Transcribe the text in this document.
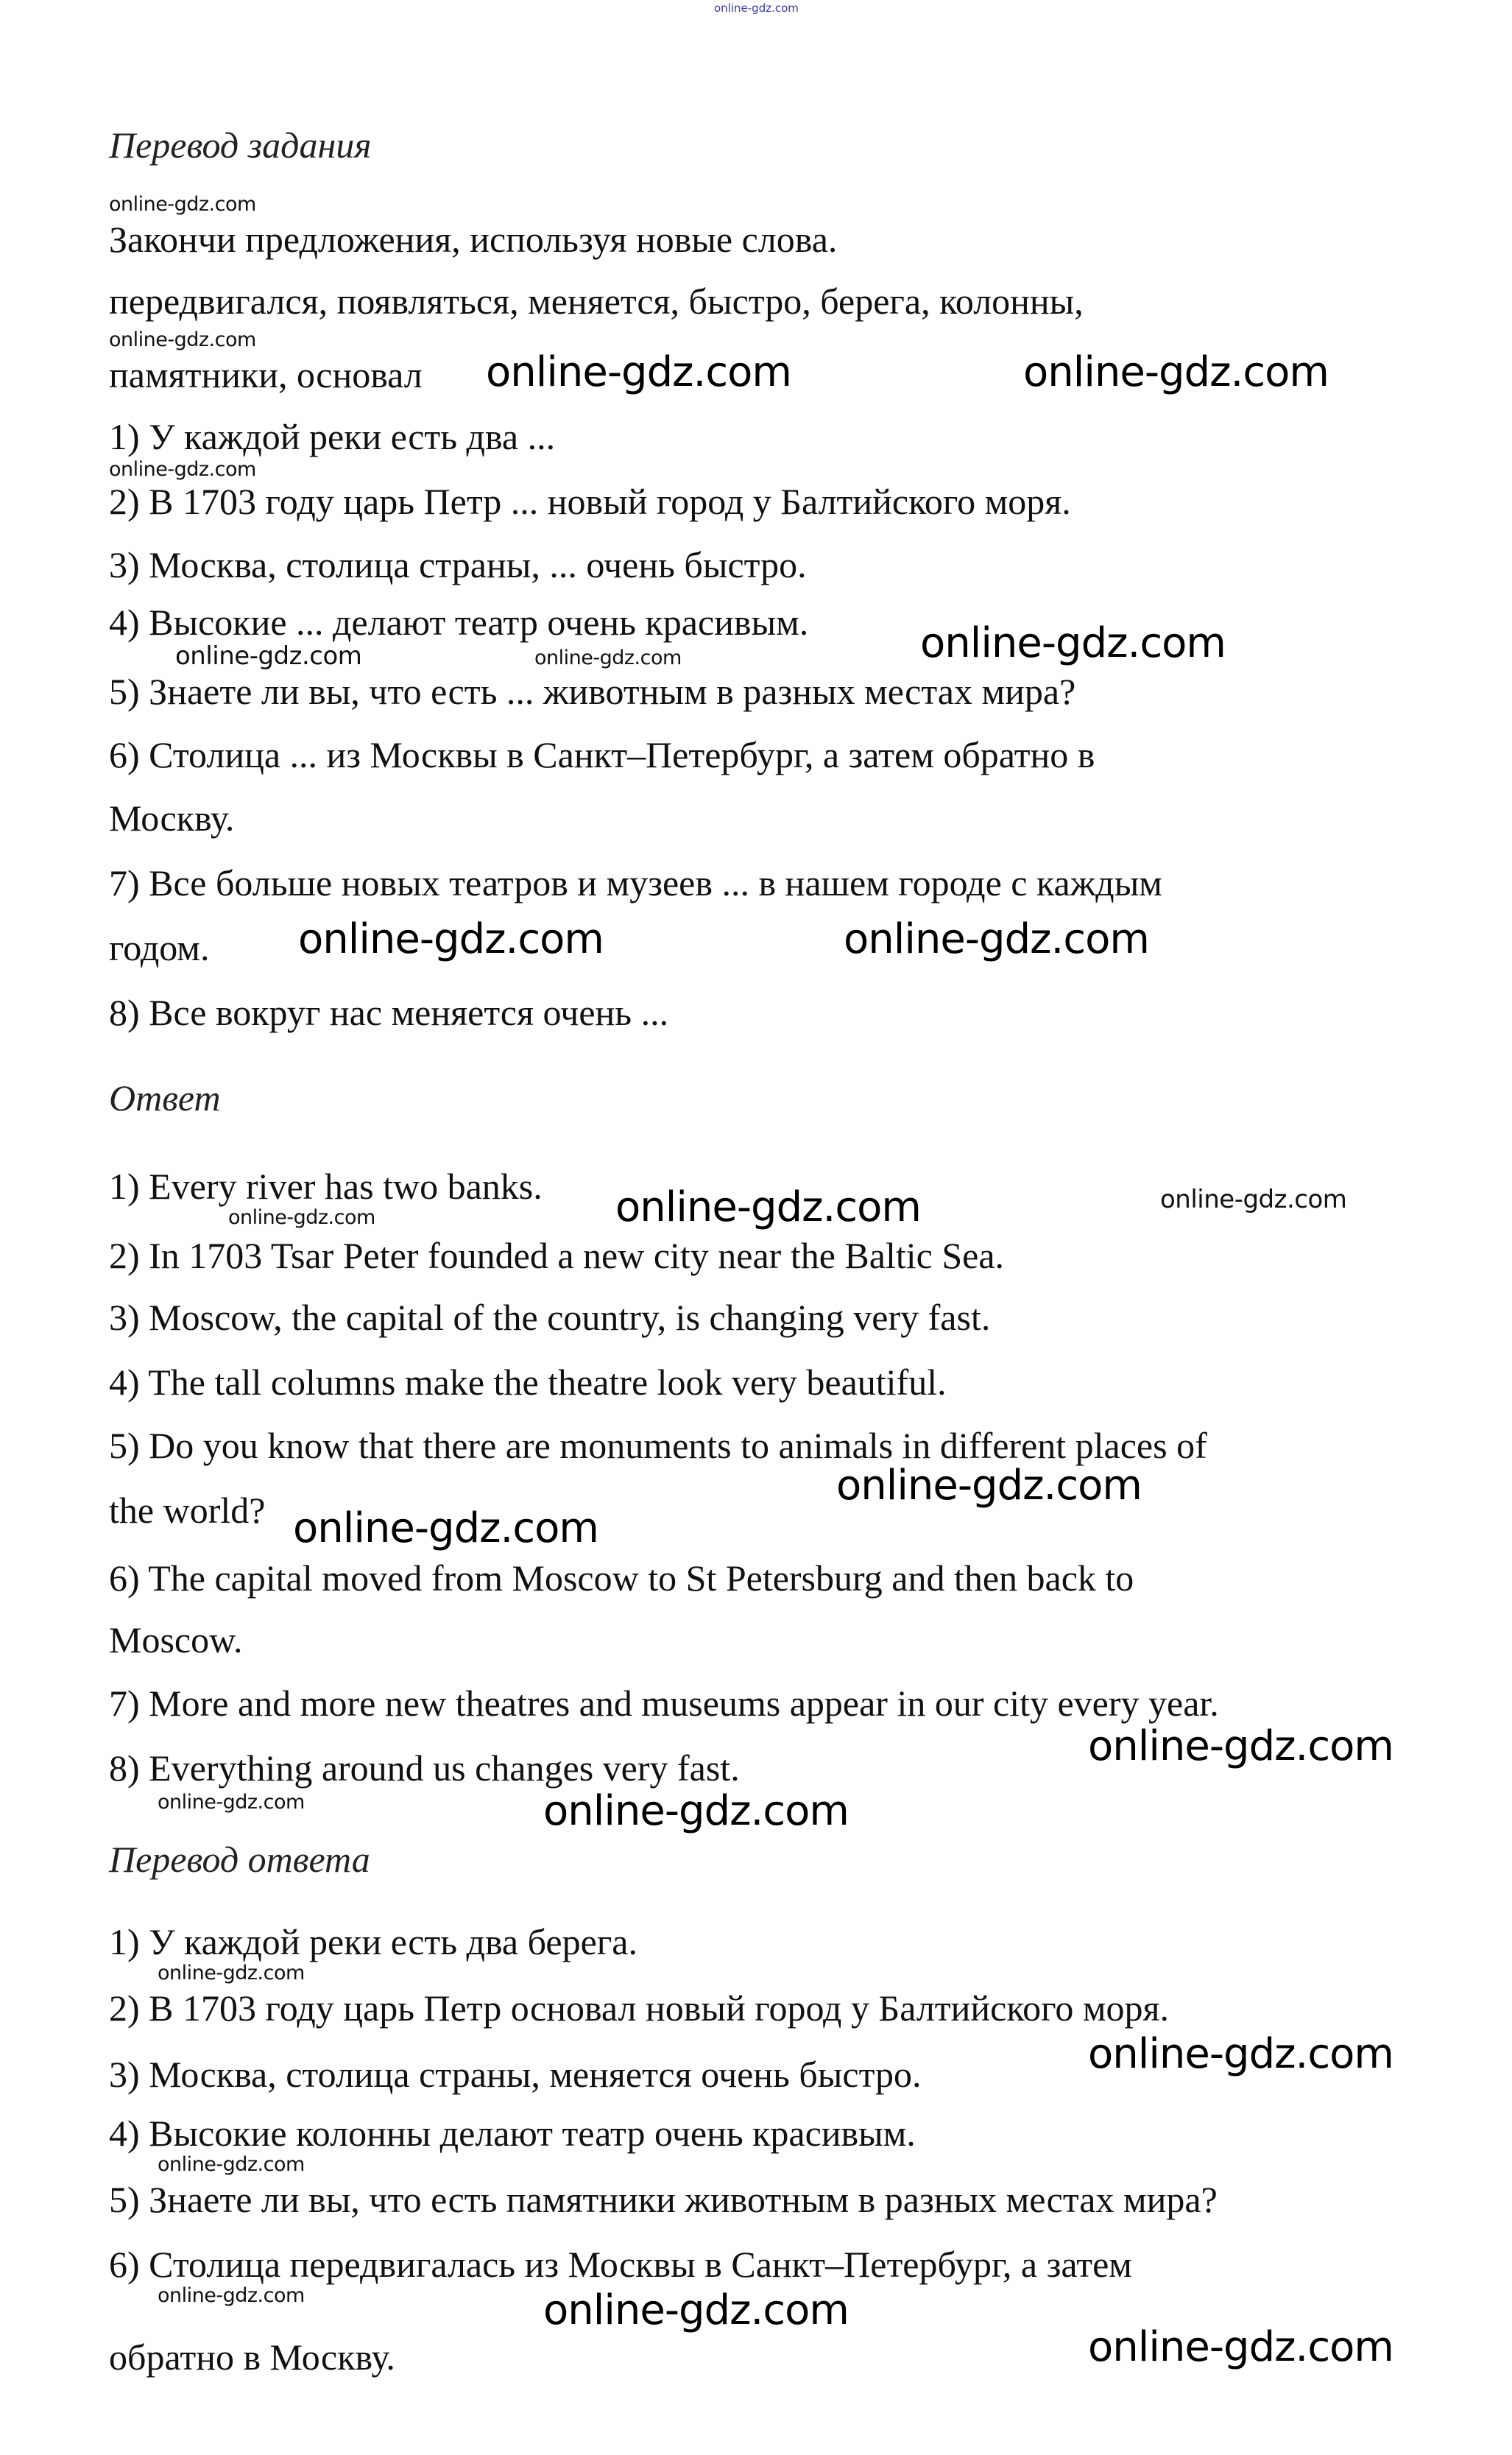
online-gdz.com
Перевод задания
online-gdz.com
Закончи предложения, используя новые слова.
передвигался, появляться, меняется, быстро, берега, колонны,
online-gdz.com
памятники, основал online-gdz.com	online-gdz.com
1) У каждой реки есть два ...
online-gdz.com
2) В 1703 году царь Петр ... новый город у Балтийского моря.
3) Москва, столица страны, ... очень быстро.
4) Высокие ... делают театр очень красивым.	online-gdz.com
online-gdz.com	online-gdz.com
5) Знаете ли вы, что есть ... животным в разных местах мира?
6) Столица ... из Москвы в Санкт–Петербург, а затем обратно в
Москву.
7) Все больше новых театров и музеев ... в нашем городе с каждым
годом. online-gdz.com	online-gdz.com
8) Все вокруг нас меняется очень ...
Ответ
1) Every river has two banks. online-gdz.com	online-gdz.com
online-gdz.com
2) In 1703 Tsar Peter founded a new city near the Baltic Sea.
3) Moscow, the capital of the country, is changing very fast.
4) The tall columns make the theatre look very beautiful.
5) Do you know that there are monuments to animals in different places of
online-gdz.com
the world? online-gdz.com
6) The capital moved from Moscow to St Petersburg and then back to
Moscow.
7) More and more new theatres and museums appear in our city every year.
online-gdz.com
8) Everything around us changes very fast.
online-gdz.com	online-gdz.com
Перевод ответа
1) У каждой реки есть два берега.
online-gdz.com
2) В 1703 году царь Петр основал новый город у Балтийского моря.
online-gdz.com
3) Москва, столица страны, меняется очень быстро.
4) Высокие колонны делают театр очень красивым.
online-gdz.com
5) Знаете ли вы, что есть памятники животным в разных местах мира?
6) Столица передвигалась из Москвы в Санкт–Петербург, а затем
online-gdz.com	online-gdz.com
обратно в Москву.	online-gdz.com
